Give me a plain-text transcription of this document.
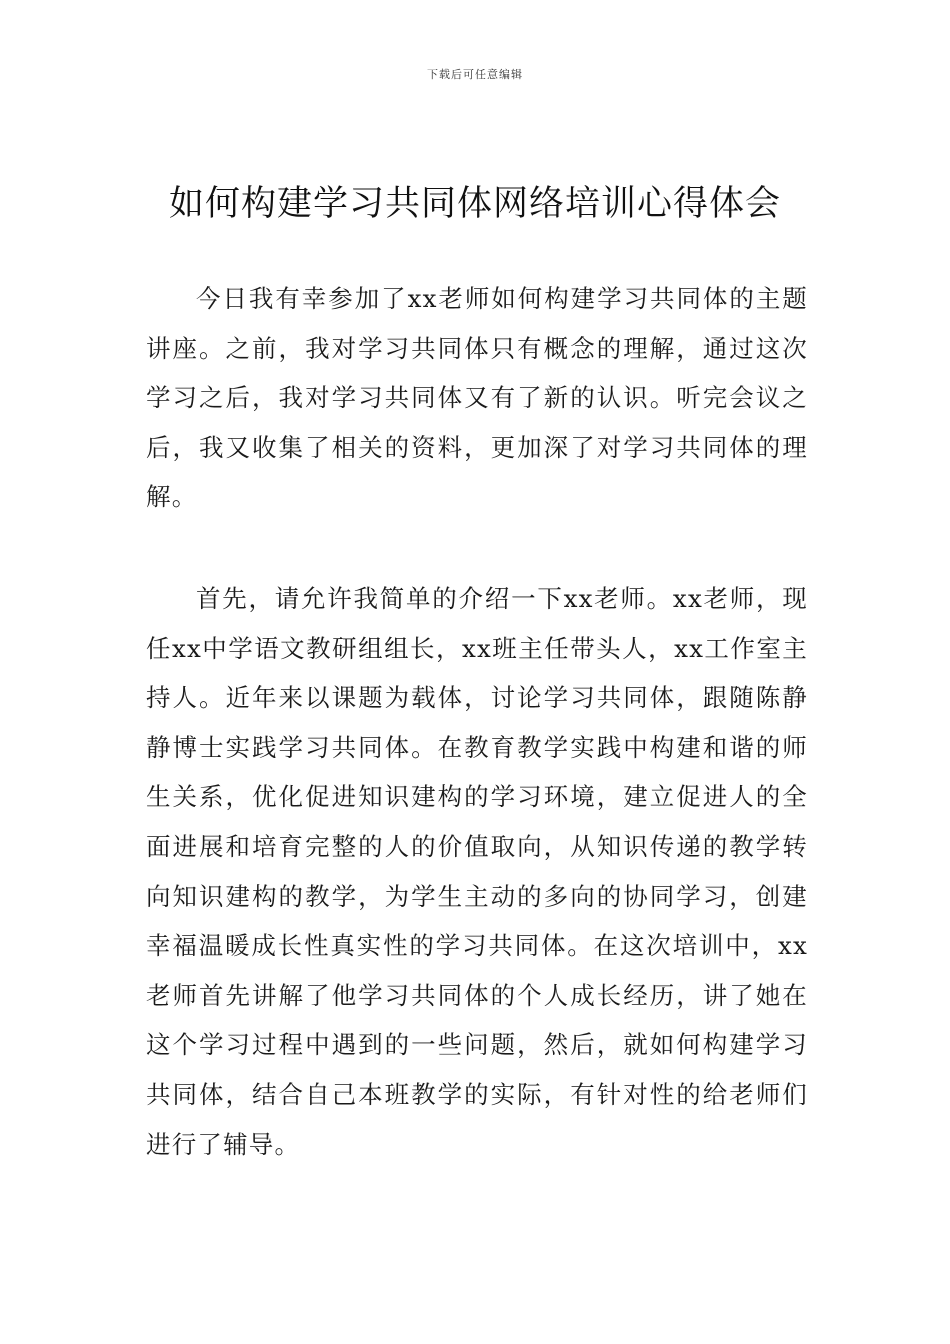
下载后可任意编辑
如何构建学习共同体网络培训心得体会

今日我有幸参加了xx老师如何构建学习共同体的主题讲座。之前，我对学习共同体只有概念的理解，通过这次学习之后，我对学习共同体又有了新的认识。听完会议之后，我又收集了相关的资料，更加深了对学习共同体的理解。

首先，请允许我简单的介绍一下xx老师。xx老师，现任xx中学语文教研组组长，xx班主任带头人，xx工作室主持人。近年来以课题为载体，讨论学习共同体，跟随陈静静博士实践学习共同体。在教育教学实践中构建和谐的师生关系，优化促进知识建构的学习环境，建立促进人的全面进展和培育完整的人的价值取向，从知识传递的教学转向知识建构的教学，为学生主动的多向的协同学习，创建幸福温暖成长性真实性的学习共同体。在这次培训中，xx老师首先讲解了他学习共同体的个人成长经历，讲了她在这个学习过程中遇到的一些问题，然后，就如何构建学习共同体，结合自己本班教学的实际，有针对性的给老师们进行了辅导。
